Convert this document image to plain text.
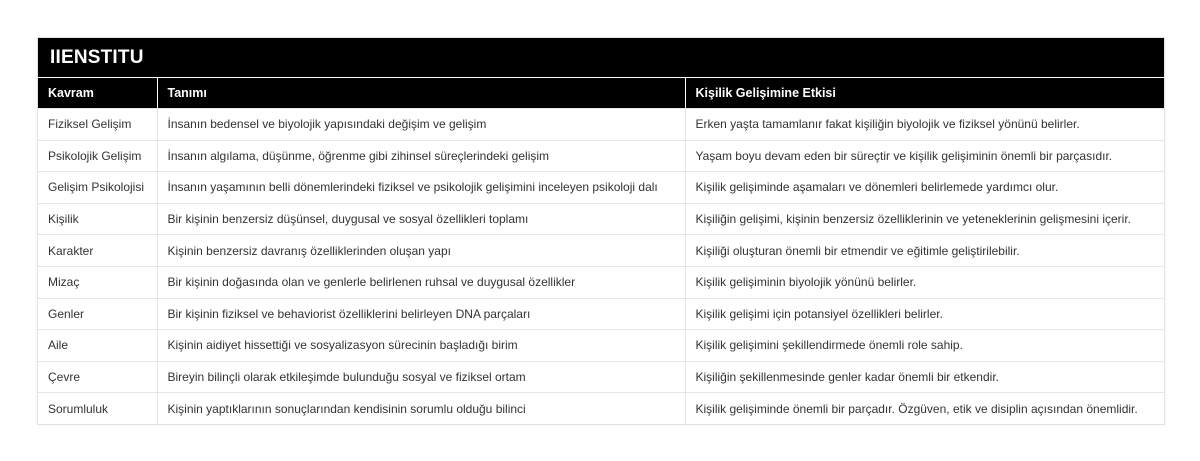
IIENSTITU
Kavram	Tanımı	Kişilik Gelişimine Etkisi
Fiziksel Gelişim	İnsanın bedensel ve biyolojik yapısındaki değişim ve gelişim	Erken yaşta tamamlanır fakat kişiliğin biyolojik ve fiziksel yönünü belirler.
Psikolojik Gelişim	İnsanın algılama, düşünme, öğrenme gibi zihinsel süreçlerindeki gelişim	Yaşam boyu devam eden bir süreçtir ve kişilik gelişiminin önemli bir parçasıdır.
Gelişim Psikolojisi	İnsanın yaşamının belli dönemlerindeki fiziksel ve psikolojik gelişimini inceleyen psikoloji dalı	Kişilik gelişiminde aşamaları ve dönemleri belirlemede yardımcı olur.
Kişilik	Bir kişinin benzersiz düşünsel, duygusal ve sosyal özellikleri toplamı	Kişiliğin gelişimi, kişinin benzersiz özelliklerinin ve yeteneklerinin gelişmesini içerir.
Karakter	Kişinin benzersiz davranış özelliklerinden oluşan yapı	Kişiliği oluşturan önemli bir etmendir ve eğitimle geliştirilebilir.
Mizaç	Bir kişinin doğasında olan ve genlerle belirlenen ruhsal ve duygusal özellikler	Kişilik gelişiminin biyolojik yönünü belirler.
Genler	Bir kişinin fiziksel ve behaviorist özelliklerini belirleyen DNA parçaları	Kişilik gelişimi için potansiyel özellikleri belirler.
Aile	Kişinin aidiyet hissettiği ve sosyalizasyon sürecinin başladığı birim	Kişilik gelişimini şekillendirmede önemli role sahip.
Çevre	Bireyin bilinçli olarak etkileşimde bulunduğu sosyal ve fiziksel ortam	Kişiliğin şekillenmesinde genler kadar önemli bir etkendir.
Sorumluluk	Kişinin yaptıklarının sonuçlarından kendisinin sorumlu olduğu bilinci	Kişilik gelişiminde önemli bir parçadır. Özgüven, etik ve disiplin açısından önemlidir.
